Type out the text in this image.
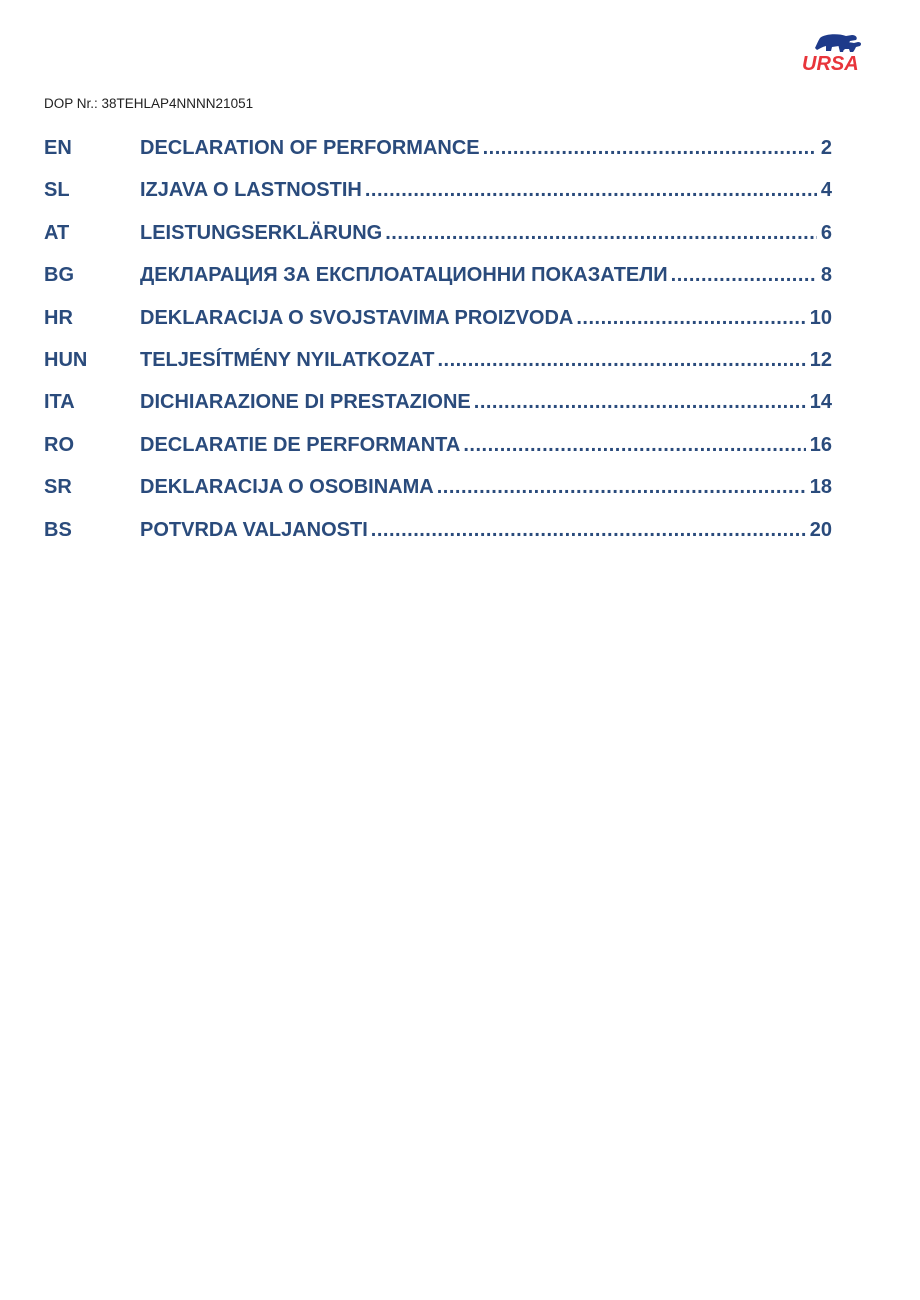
URSA
DOP Nr.: 38TEHLAP4NNNN21051
EN	DECLARATION OF PERFORMANCE .....	2
SL	IZJAVA O LASTNOSTIH .....	4
AT	LEISTUNGSERKLÄRUNG .....	6
BG	ДЕКЛАРАЦИЯ ЗА ЕКСПЛОАТАЦИОННИ ПОКАЗАТЕЛИ .....	8
HR	DEKLARACIJA O SVOJSTAVIMA PROIZVODA .....	10
HUN	TELJESÍTMÉNY NYILATKOZAT .....	12
ITA	DICHIARAZIONE DI PRESTAZIONE .....	14
RO	DECLARATIE DE PERFORMANTA .....	16
SR	DEKLARACIJA O OSOBINAMA .....	18
BS	POTVRDA VALJANOSTI .....	20
